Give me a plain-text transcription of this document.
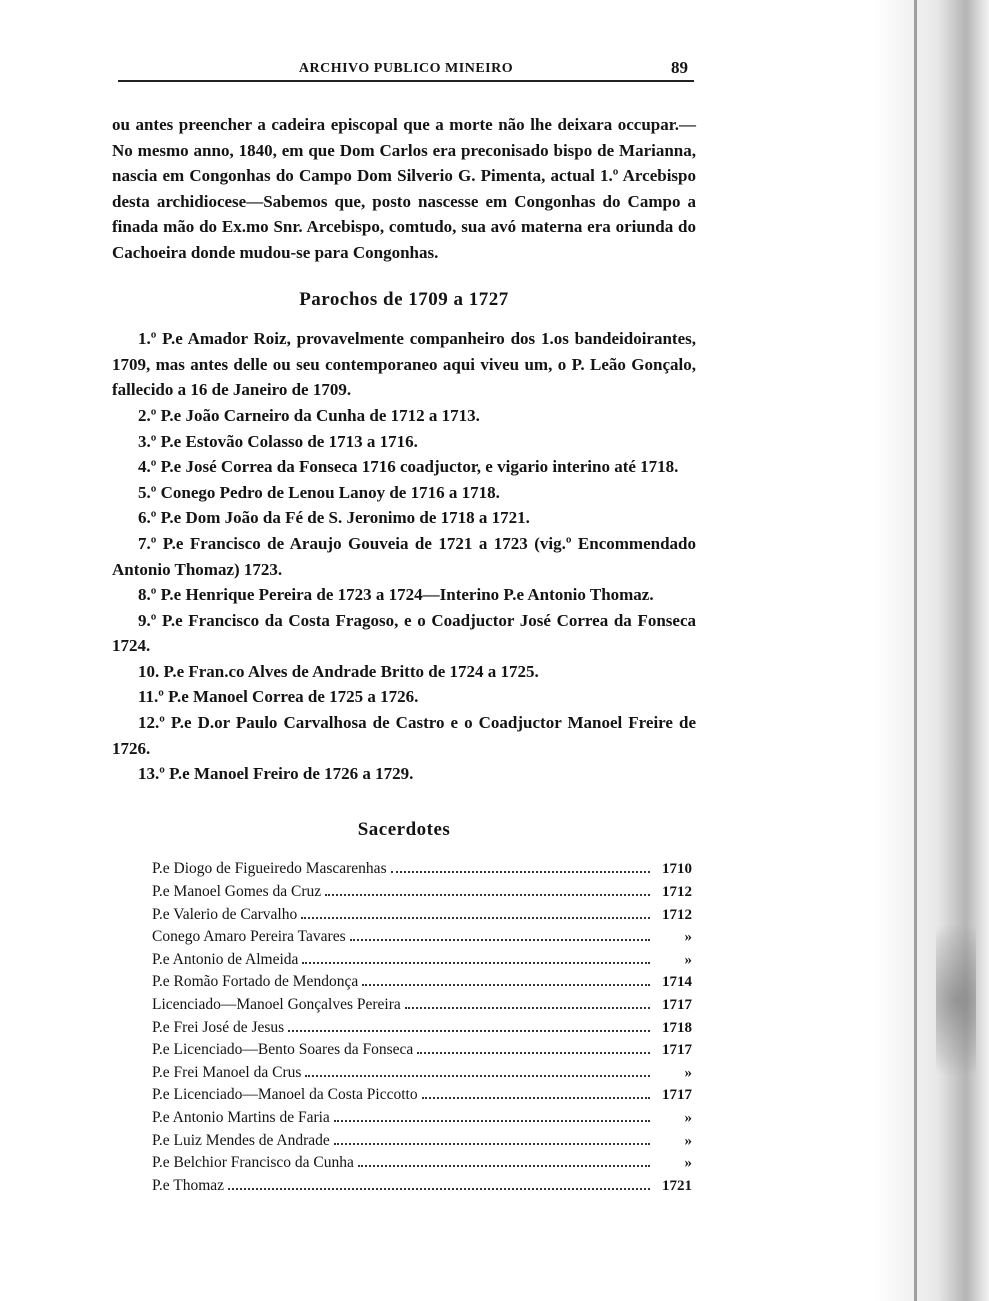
ARCHIVO PUBLICO MINEIRO	89

ou antes preencher a cadeira episcopal que a morte não lhe deixara occupar.—No mesmo anno, 1840, em que Dom Carlos era preconisado bispo de Marianna, nascia em Congonhas do Campo Dom Silverio G. Pimenta, actual 1.º Arcebispo desta archidiocese—Sabemos que, posto nascesse em Congonhas do Campo a finada mão do Ex.mo Snr. Arcebispo, comtudo, sua avó materna era oriunda do Cachoeira donde mudou-se para Congonhas.

Parochos de 1709 a 1727

1.º P.e Amador Roiz, provavelmente companheiro dos 1.os bandeidoirantes, 1709, mas antes delle ou seu contemporaneo aqui viveu um, o P. Leão Gonçalo, fallecido a 16 de Janeiro de 1709.

2.º P.e João Carneiro da Cunha de 1712 a 1713.

3.º P.e Estovão Colasso de 1713 a 1716.

4.º P.e José Correa da Fonseca 1716 coadjuctor, e vigario interino até 1718.

5.º Conego Pedro de Lenou Lanoy de 1716 a 1718.

6.º P.e Dom João da Fé de S. Jeronimo de 1718 a 1721.

7.º P.e Francisco de Araujo Gouveia de 1721 a 1723 (vig.º Encommendado Antonio Thomaz) 1723.

8.º P.e Henrique Pereira de 1723 a 1724—Interino P.e Antonio Thomaz.

9.º P.e Francisco da Costa Fragoso, e o Coadjuctor José Correa da Fonseca 1724.

10. P.e Fran.co Alves de Andrade Britto de 1724 a 1725.

11.º P.e Manoel Correa de 1725 a 1726.

12.º P.e D.or Paulo Carvalhosa de Castro e o Coadjuctor Manoel Freire de 1726.

13.º P.e Manoel Freiro de 1726 a 1729.

Sacerdotes
P.e Diogo de Figueiredo Mascarenhas	1710
P.e Manoel Gomes da Cruz	1712
P.e Valerio de Carvalho	1712
Conego Amaro Pereira Tavares	»
P.e Antonio de Almeida	»
P.e Romão Fortado de Mendonça	1714
Licenciado—Manoel Gonçalves Pereira	1717
P.e Frei José de Jesus	1718
P.e Licenciado—Bento Soares da Fonseca	1717
P.e Frei Manoel da Crus	»
P.e Licenciado—Manoel da Costa Piccotto	1717
P.e Antonio Martins de Faria	»
P.e Luiz Mendes de Andrade	»
P.e Belchior Francisco da Cunha	»
P.e Thomaz	1721
